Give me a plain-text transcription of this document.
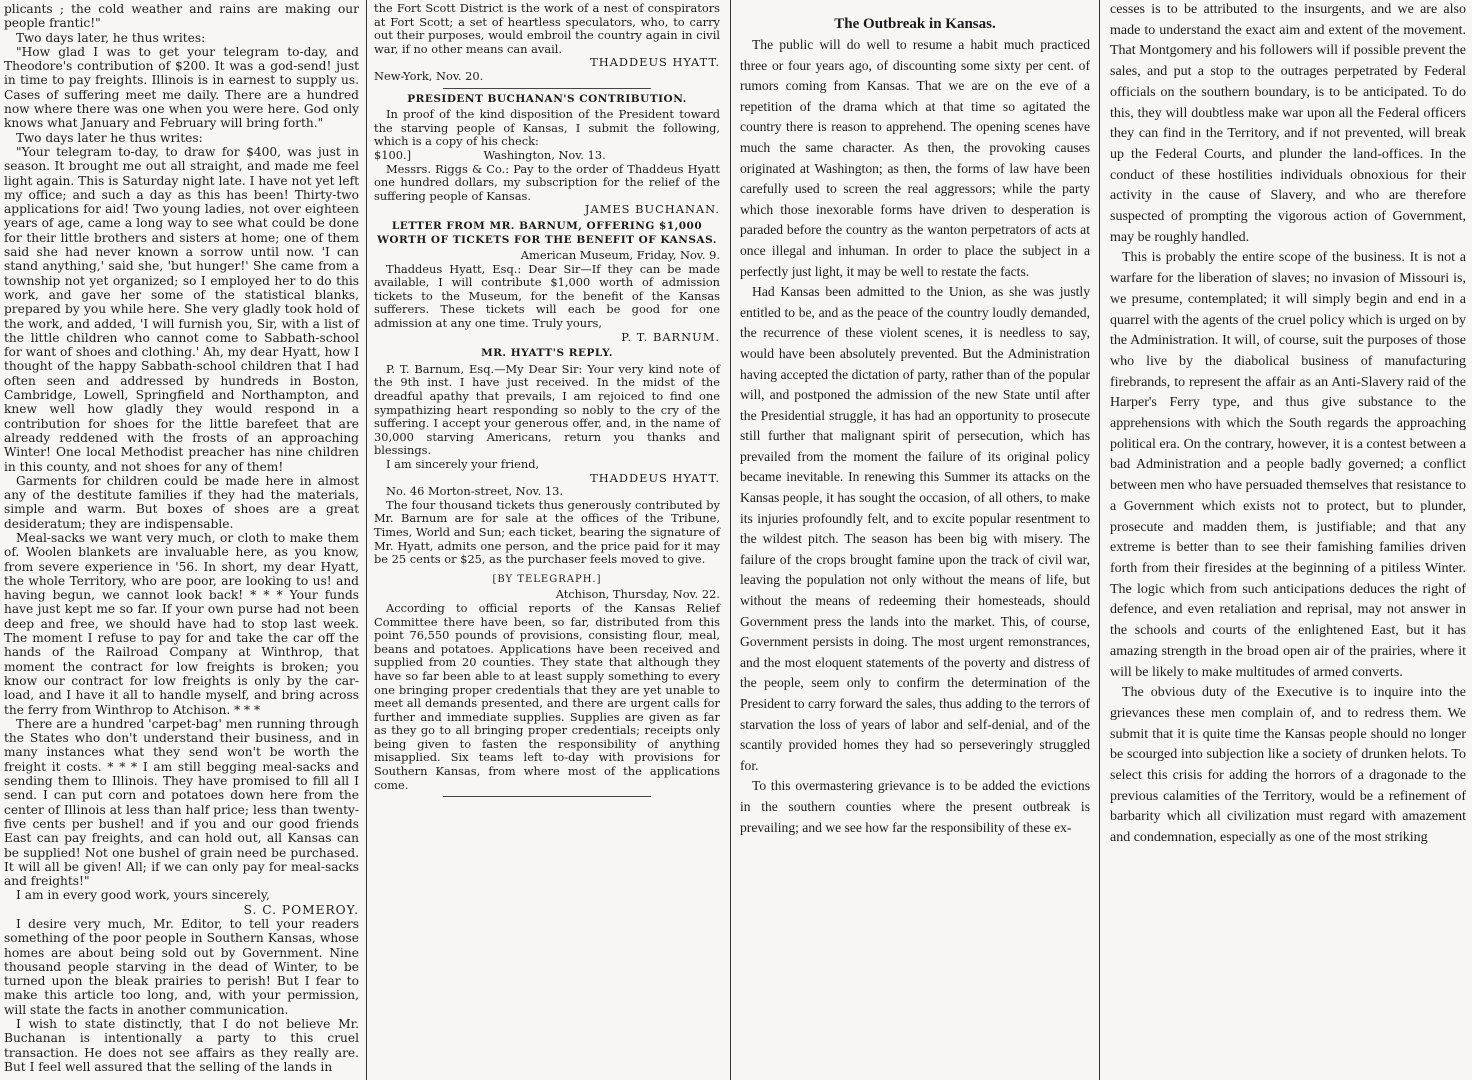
plicants ; the cold weather and rains are making our people frantic!"

Two days later, he thus writes:

"How glad I was to get your telegram to-day, and Theodore's contribution of $200. It was a god-send! just in time to pay freights. Illinois is in earnest to supply us. Cases of suffering meet me daily. There are a hundred now where there was one when you were here. God only knows what January and February will bring forth."

Two days later he thus writes:

"Your telegram to-day, to draw for $400, was just in season. It brought me out all straight, and made me feel light again. This is Saturday night late. I have not yet left my office; and such a day as this has been! Thirty-two applications for aid! Two young ladies, not over eighteen years of age, came a long way to see what could be done for their little brothers and sisters at home; one of them said she had never known a sorrow until now. 'I can stand anything,' said she, 'but hunger!' She came from a township not yet organized; so I employed her to do this work, and gave her some of the statistical blanks, prepared by you while here. She very gladly took hold of the work, and added, 'I will furnish you, Sir, with a list of the little children who cannot come to Sabbath-school for want of shoes and clothing.' Ah, my dear Hyatt, how I thought of the happy Sabbath-school children that I had often seen and addressed by hundreds in Boston, Cambridge, Lowell, Springfield and Northampton, and knew well how gladly they would respond in a contribution for shoes for the little barefeet that are already reddened with the frosts of an approaching Winter! One local Methodist preacher has nine children in this county, and not shoes for any of them!

Garments for children could be made here in almost any of the destitute families if they had the materials, simple and warm. But boxes of shoes are a great desideratum; they are indispensable.

Meal-sacks we want very much, or cloth to make them of. Woolen blankets are invaluable here, as you know, from severe experience in '56. In short, my dear Hyatt, the whole Territory, who are poor, are looking to us! and having begun, we cannot look back! * * * Your funds have just kept me so far. If your own purse had not been deep and free, we should have had to stop last week. The moment I refuse to pay for and take the car off the hands of the Railroad Company at Winthrop, that moment the contract for low freights is broken; you know our contract for low freights is only by the car-load, and I have it all to handle myself, and bring across the ferry from Winthrop to Atchison. * * *

There are a hundred 'carpet-bag' men running through the States who don't understand their business, and in many instances what they send won't be worth the freight it costs. * * * I am still begging meal-sacks and sending them to Illinois. They have promised to fill all I send. I can put corn and potatoes down here from the center of Illinois at less than half price; less than twenty-five cents per bushel! and if you and our good friends East can pay freights, and can hold out, all Kansas can be supplied! Not one bushel of grain need be purchased. It will all be given! All; if we can only pay for meal-sacks and freights!"

I am in every good work, yours sincerely,

S. C. POMEROY.

I desire very much, Mr. Editor, to tell your readers something of the poor people in Southern Kansas, whose homes are about being sold out by Government. Nine thousand people starving in the dead of Winter, to be turned upon the bleak prairies to perish! But I fear to make this article too long, and, with your permission, will state the facts in another communication.

I wish to state distinctly, that I do not believe Mr. Buchanan is intentionally a party to this cruel transaction. He does not see affairs as they really are. But I feel well assured that the selling of the lands in

the Fort Scott District is the work of a nest of conspirators at Fort Scott; a set of heartless speculators, who, to carry out their purposes, would embroil the country again in civil war, if no other means can avail.

THADDEUS HYATT.

New-York, Nov. 20.

PRESIDENT BUCHANAN'S CONTRIBUTION.

In proof of the kind disposition of the President toward the starving people of Kansas, I submit the following, which is a copy of his check:

$100.]	Washington, Nov. 13.

Messrs. Riggs & Co.: Pay to the order of Thaddeus Hyatt one hundred dollars, my subscription for the relief of the suffering people of Kansas.

JAMES BUCHANAN.

LETTER FROM MR. BARNUM, OFFERING $1,000 WORTH OF TICKETS FOR THE BENEFIT OF KANSAS.

American Museum, Friday, Nov. 9.

Thaddeus Hyatt, Esq.: Dear Sir—If they can be made available, I will contribute $1,000 worth of admission tickets to the Museum, for the benefit of the Kansas sufferers. These tickets will each be good for one admission at any one time. Truly yours,

P. T. BARNUM.

MR. HYATT'S REPLY.

P. T. Barnum, Esq.—My Dear Sir: Your very kind note of the 9th inst. I have just received. In the midst of the dreadful apathy that prevails, I am rejoiced to find one sympathizing heart responding so nobly to the cry of the suffering. I accept your generous offer, and, in the name of 30,000 starving Americans, return you thanks and blessings.

I am sincerely your friend,

THADDEUS HYATT.

No. 46 Morton-street, Nov. 13.

The four thousand tickets thus generously contributed by Mr. Barnum are for sale at the offices of the Tribune, Times, World and Sun; each ticket, bearing the signature of Mr. Hyatt, admits one person, and the price paid for it may be 25 cents or $25, as the purchaser feels moved to give.

[BY TELEGRAPH.]

Atchison, Thursday, Nov. 22.

According to official reports of the Kansas Relief Committee there have been, so far, distributed from this point 76,550 pounds of provisions, consisting flour, meal, beans and potatoes. Applications have been received and supplied from 20 counties. They state that although they have so far been able to at least supply something to every one bringing proper credentials that they are yet unable to meet all demands presented, and there are urgent calls for further and immediate supplies. Supplies are given as far as they go to all bringing proper credentials; receipts only being given to fasten the responsibility of anything misapplied. Six teams left to-day with provisions for Southern Kansas, from where most of the applications come.

The Outbreak in Kansas.

The public will do well to resume a habit much practiced three or four years ago, of discounting some sixty per cent. of rumors coming from Kansas. That we are on the eve of a repetition of the drama which at that time so agitated the country there is reason to apprehend. The opening scenes have much the same character. As then, the provoking causes originated at Washington; as then, the forms of law have been carefully used to screen the real aggressors; while the party which those inexorable forms have driven to desperation is paraded before the country as the wanton perpetrators of acts at once illegal and inhuman. In order to place the subject in a perfectly just light, it may be well to restate the facts.

Had Kansas been admitted to the Union, as she was justly entitled to be, and as the peace of the country loudly demanded, the recurrence of these violent scenes, it is needless to say, would have been absolutely prevented. But the Administration having accepted the dictation of party, rather than of the popular will, and postponed the admission of the new State until after the Presidential struggle, it has had an opportunity to prosecute still further that malignant spirit of persecution, which has prevailed from the moment the failure of its original policy became inevitable. In renewing this Summer its attacks on the Kansas people, it has sought the occasion, of all others, to make its injuries profoundly felt, and to excite popular resentment to the wildest pitch. The season has been big with misery. The failure of the crops brought famine upon the track of civil war, leaving the population not only without the means of life, but without the means of redeeming their homesteads, should Government press the lands into the market. This, of course, Government persists in doing. The most urgent remonstrances, and the most eloquent statements of the poverty and distress of the people, seem only to confirm the determination of the President to carry forward the sales, thus adding to the terrors of starvation the loss of years of labor and self-denial, and of the scantily provided homes they had so perseveringly struggled for.

To this overmastering grievance is to be added the evictions in the southern counties where the present outbreak is prevailing; and we see how far the responsibility of these ex-

cesses is to be attributed to the insurgents, and we are also made to understand the exact aim and extent of the movement. That Montgomery and his followers will if possible prevent the sales, and put a stop to the outrages perpetrated by Federal officials on the southern boundary, is to be anticipated. To do this, they will doubtless make war upon all the Federal officers they can find in the Territory, and if not prevented, will break up the Federal Courts, and plunder the land-offices. In the conduct of these hostilities individuals obnoxious for their activity in the cause of Slavery, and who are therefore suspected of prompting the vigorous action of Government, may be roughly handled.

This is probably the entire scope of the business. It is not a warfare for the liberation of slaves; no invasion of Missouri is, we presume, contemplated; it will simply begin and end in a quarrel with the agents of the cruel policy which is urged on by the Administration. It will, of course, suit the purposes of those who live by the diabolical business of manufacturing firebrands, to represent the affair as an Anti-Slavery raid of the Harper's Ferry type, and thus give substance to the apprehensions with which the South regards the approaching political era. On the contrary, however, it is a contest between a bad Administration and a people badly governed; a conflict between men who have persuaded themselves that resistance to a Government which exists not to protect, but to plunder, prosecute and madden them, is justifiable; and that any extreme is better than to see their famishing families driven forth from their firesides at the beginning of a pitiless Winter. The logic which from such anticipations deduces the right of defence, and even retaliation and reprisal, may not answer in the schools and courts of the enlightened East, but it has amazing strength in the broad open air of the prairies, where it will be likely to make multitudes of armed converts.

The obvious duty of the Executive is to inquire into the grievances these men complain of, and to redress them. We submit that it is quite time the Kansas people should no longer be scourged into subjection like a society of drunken helots. To select this crisis for adding the horrors of a dragonade to the previous calamities of the Territory, would be a refinement of barbarity which all civilization must regard with amazement and condemnation, especially as one of the most striking
